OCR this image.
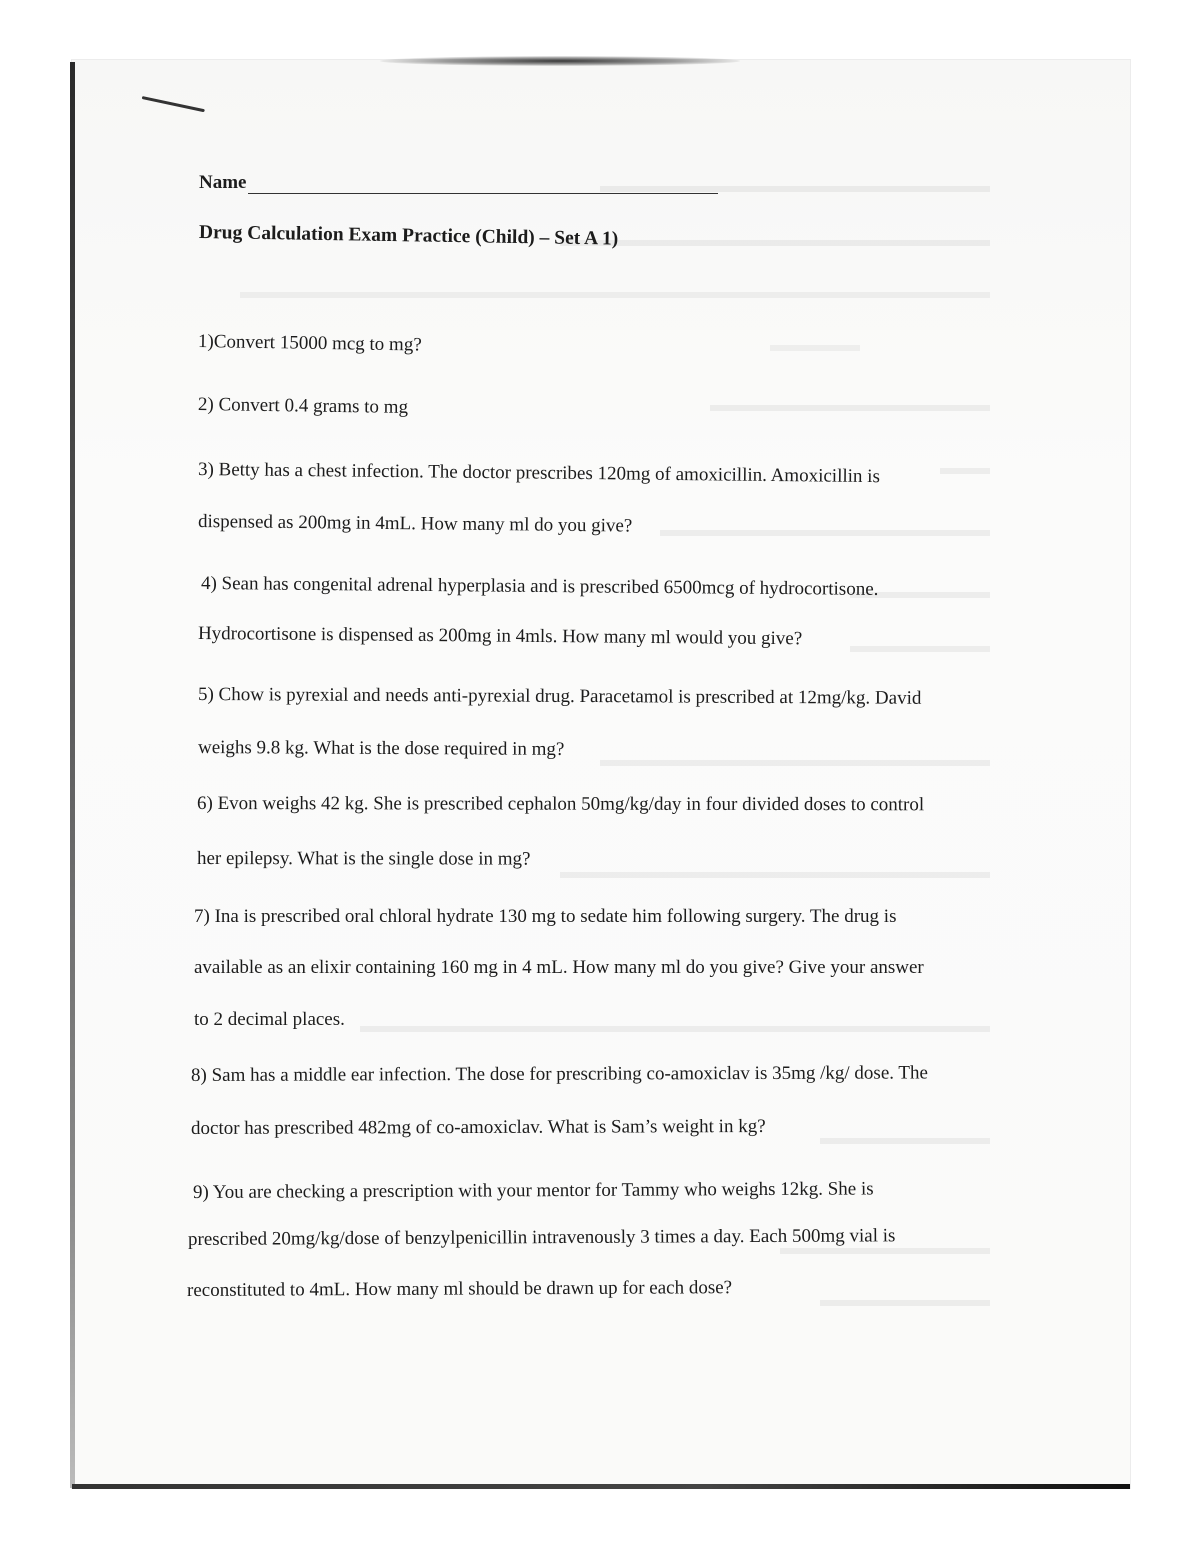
Name
Drug Calculation Exam Practice (Child) – Set A 1)
1)Convert 15000 mcg to mg?
2) Convert 0.4 grams to mg
3) Betty has a chest infection. The doctor prescribes 120mg of amoxicillin. Amoxicillin is
dispensed as 200mg in 4mL. How many ml do you give?
4) Sean has congenital adrenal hyperplasia and is prescribed 6500mcg of hydrocortisone.
Hydrocortisone is dispensed as 200mg in 4mls. How many ml would you give?
5) Chow is pyrexial and needs anti-pyrexial drug. Paracetamol is prescribed at 12mg/kg. David
weighs 9.8 kg. What is the dose required in mg?
6) Evon weighs 42 kg. She is prescribed cephalon 50mg/kg/day in four divided doses to control
her epilepsy. What is the single dose in mg?
7) Ina is prescribed oral chloral hydrate 130 mg to sedate him following surgery. The drug is
available as an elixir containing 160 mg in 4 mL. How many ml do you give? Give your answer
to 2 decimal places.
8) Sam has a middle ear infection. The dose for prescribing co-amoxiclav is 35mg /kg/ dose. The
doctor has prescribed 482mg of co-amoxiclav. What is Sam’s weight in kg?
9) You are checking a prescription with your mentor for Tammy who weighs 12kg. She is
prescribed 20mg/kg/dose of benzylpenicillin intravenously 3 times a day. Each 500mg vial is
reconstituted to 4mL. How many ml should be drawn up for each dose?
